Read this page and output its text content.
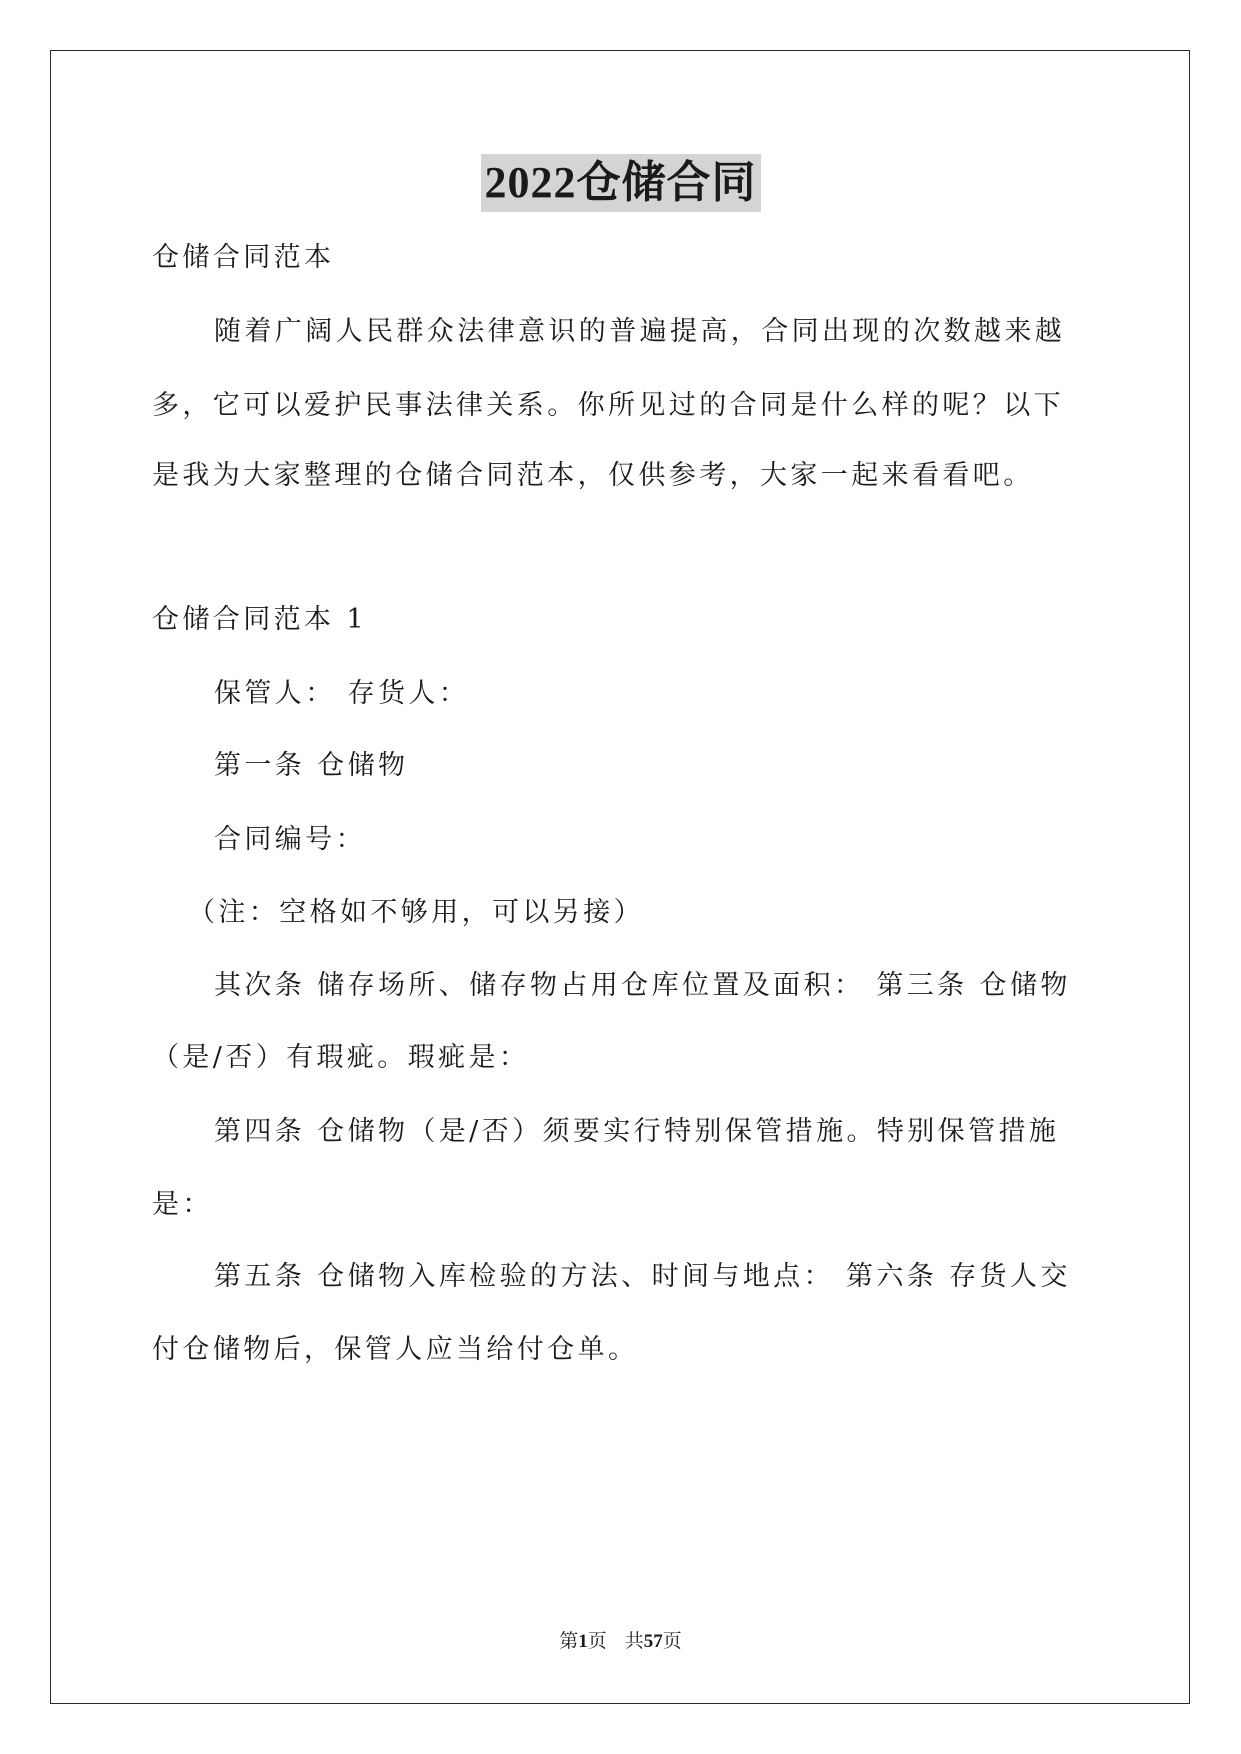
2022仓储合同
仓储合同范本
随着广阔人民群众法律意识的普遍提高，合同出现的次数越来越
多，它可以爱护民事法律关系。你所见过的合同是什么样的呢？以下
是我为大家整理的仓储合同范本，仅供参考，大家一起来看看吧。
仓储合同范本 1
保管人： 存货人：
第一条 仓储物
合同编号：
（注：空格如不够用，可以另接）
其次条 储存场所、储存物占用仓库位置及面积： 第三条 仓储物
（是/否）有瑕疵。瑕疵是：
第四条 仓储物（是/否）须要实行特别保管措施。特别保管措施
是：
第五条 仓储物入库检验的方法、时间与地点： 第六条 存货人交
付仓储物后，保管人应当给付仓单。
第1页 共57页
